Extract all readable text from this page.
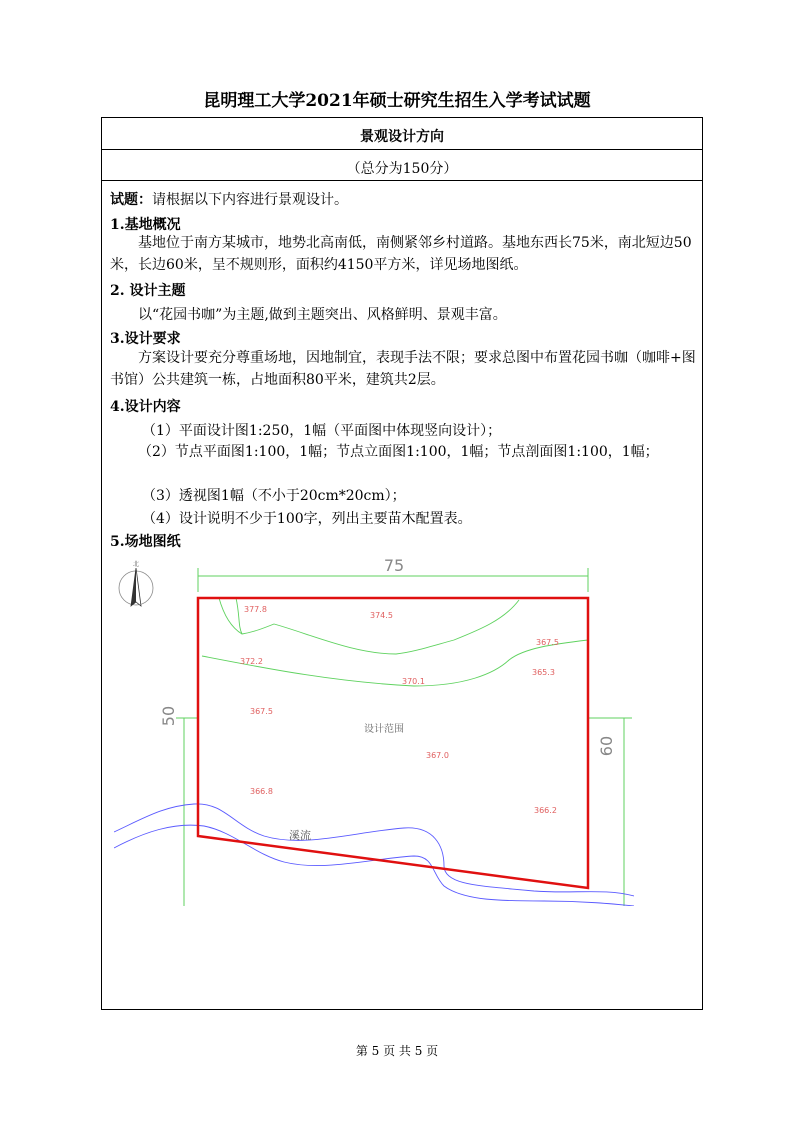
昆明理工大学2021年硕士研究生招生入学考试试题
景观设计方向
（总分为150分）
试题：请根据以下内容进行景观设计。
1.基地概况
基地位于南方某城市，地势北高南低，南侧紧邻乡村道路。基地东西长75米，南北短边50米，长边60米，呈不规则形，面积约4150平方米，详见场地图纸。
2. 设计主题
以“花园书咖”为主题,做到主题突出、风格鲜明、景观丰富。
3.设计要求
方案设计要充分尊重场地，因地制宜，表现手法不限；要求总图中布置花园书咖（咖啡+图书馆）公共建筑一栋，占地面积80平米，建筑共2层。
4.设计内容
（1）平面设计图1:250，1幅（平面图中体现竖向设计）；
（2）节点平面图1:100，1幅；节点立面图1:100，1幅；节点剖面图1:100，1幅；
（3）透视图1幅（不小于20cm*20cm）；
（4）设计说明不少于100字，列出主要苗木配置表。
5.场地图纸
北	75
50
60
设计范围
溪流
377.8
374.5
367.5
372.2
365.3
370.1
367.5
367.0
366.8
366.2
第 5 页 共 5 页
